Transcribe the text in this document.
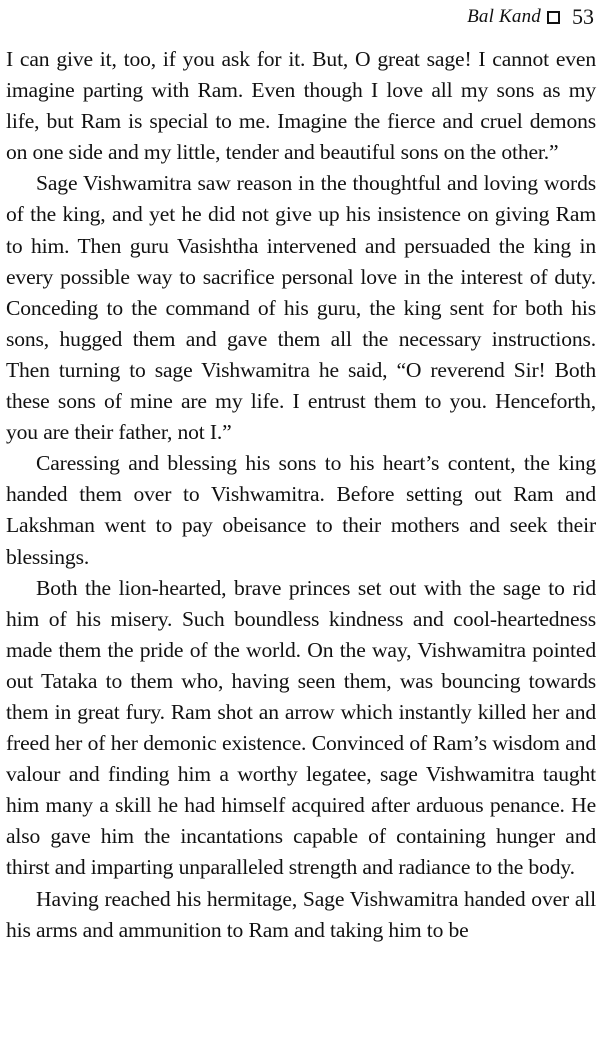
Bal Kand 53

I can give it, too, if you ask for it. But, O great sage! I cannot even imagine parting with Ram. Even though I love all my sons as my life, but Ram is special to me. Imagine the fierce and cruel demons on one side and my little, tender and beautiful sons on the other.”

Sage Vishwamitra saw reason in the thoughtful and loving words of the king, and yet he did not give up his insistence on giving Ram to him. Then guru Vasishtha intervened and persuaded the king in every possible way to sacrifice personal love in the interest of duty. Conceding to the command of his guru, the king sent for both his sons, hugged them and gave them all the necessary instructions. Then turning to sage Vishwamitra he said, “O reverend Sir! Both these sons of mine are my life. I entrust them to you. Henceforth, you are their father, not I.”

Caressing and blessing his sons to his heart’s content, the king handed them over to Vishwamitra. Before setting out Ram and Lakshman went to pay obeisance to their mothers and seek their blessings.

Both the lion-hearted, brave princes set out with the sage to rid him of his misery. Such boundless kindness and cool-heartedness made them the pride of the world. On the way, Vishwamitra pointed out Tataka to them who, having seen them, was bouncing towards them in great fury. Ram shot an arrow which instantly killed her and freed her of her demonic existence. Convinced of Ram’s wisdom and valour and finding him a worthy legatee, sage Vishwamitra taught him many a skill he had himself acquired after arduous penance. He also gave him the incantations capable of containing hunger and thirst and imparting unparalleled strength and radiance to the body.

Having reached his hermitage, Sage Vishwamitra handed over all his arms and ammunition to Ram and taking him to be
